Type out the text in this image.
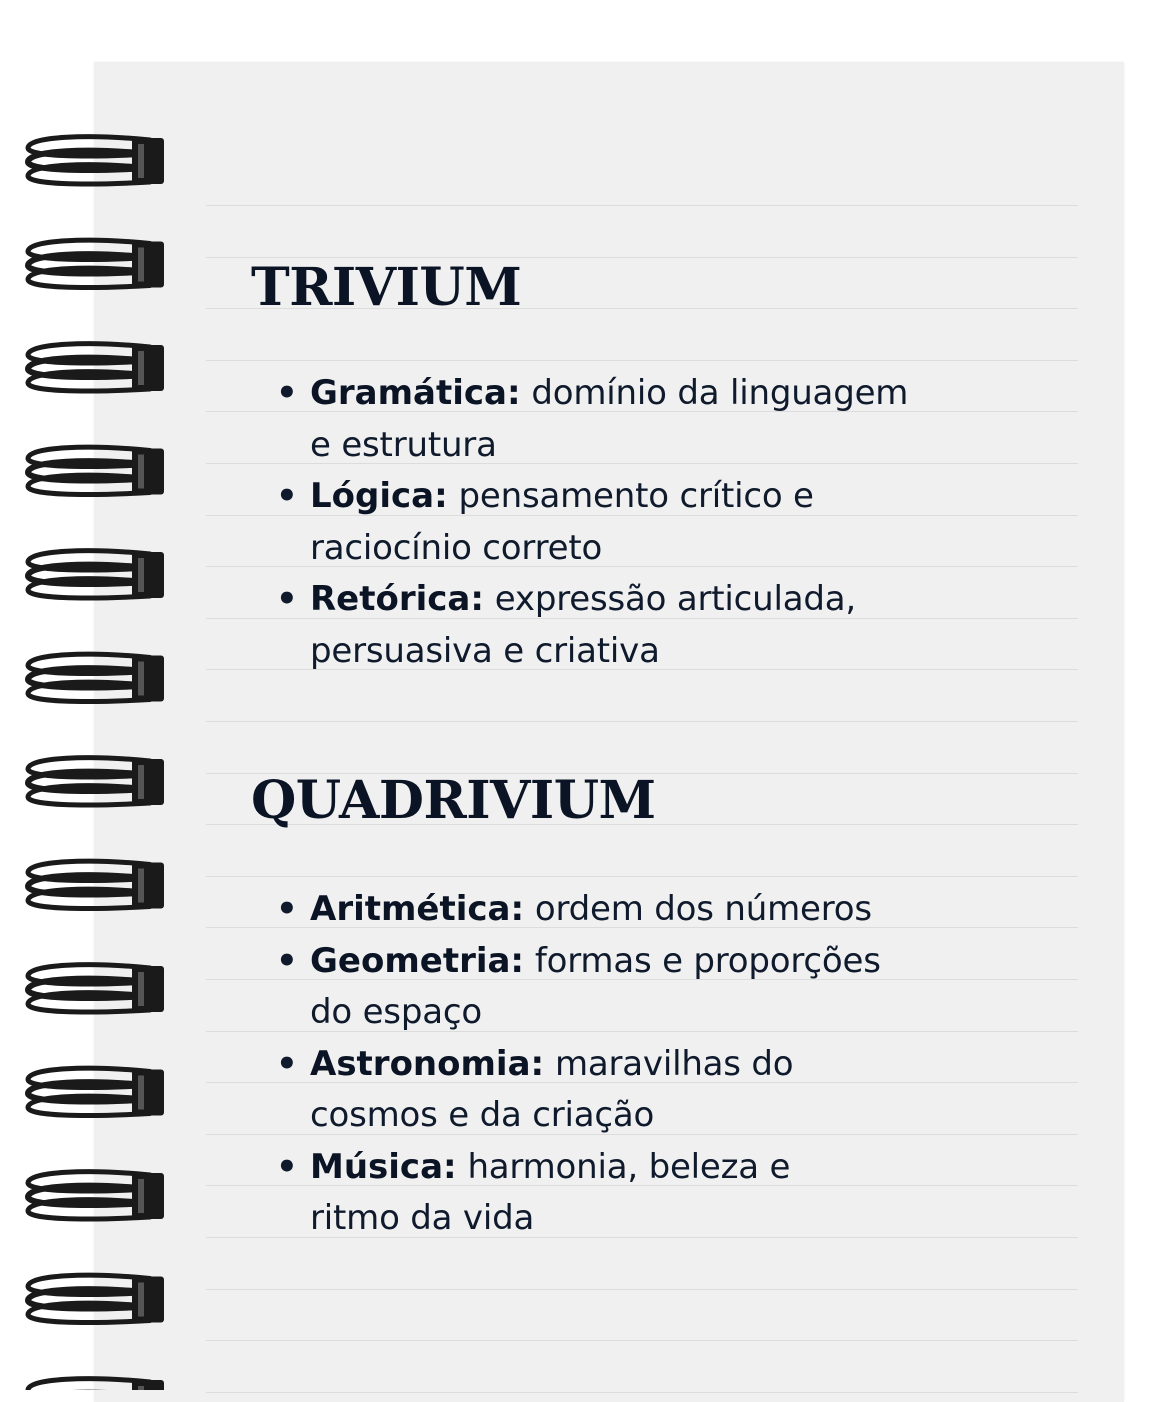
TRIVIUM
• Gramática: domínio da linguagem
e estrutura
• Lógica: pensamento crítico e
raciocínio correto
• Retórica: expressão articulada,
persuasiva e criativa
QUADRIVIUM
• Aritmética: ordem dos números
• Geometria: formas e proporções
do espaço
• Astronomia: maravilhas do
cosmos e da criação
• Música: harmonia, beleza e
ritmo da vida
